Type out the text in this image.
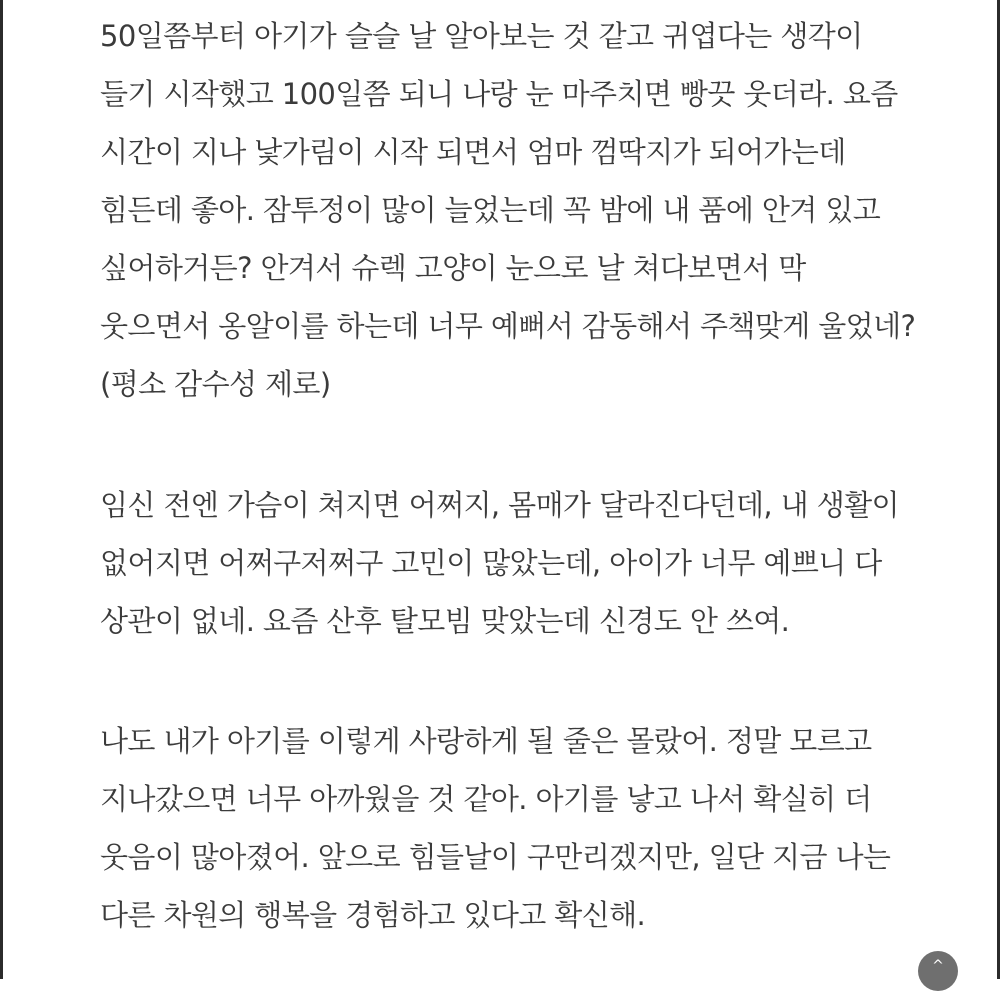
50일쯤부터 아기가 슬슬 날 알아보는 것 같고 귀엽다는 생각이
들기 시작했고 100일쯤 되니 나랑 눈 마주치면 빵끗 웃더라. 요즘
시간이 지나 낯가림이 시작 되면서 엄마 껌딱지가 되어가는데
힘든데 좋아. 잠투정이 많이 늘었는데 꼭 밤에 내 품에 안겨 있고
싶어하거든? 안겨서 슈렉 고양이 눈으로 날 쳐다보면서 막
웃으면서 옹알이를 하는데 너무 예뻐서 감동해서 주책맞게 울었네?
(평소 감수성 제로)
임신 전엔 가슴이 쳐지면 어쩌지, 몸매가 달라진다던데, 내 생활이
없어지면 어쩌구저쩌구 고민이 많았는데, 아이가 너무 예쁘니 다
상관이 없네. 요즘 산후 탈모빔 맞았는데 신경도 안 쓰여.
나도 내가 아기를 이렇게 사랑하게 될 줄은 몰랐어. 정말 모르고
지나갔으면 너무 아까웠을 것 같아. 아기를 낳고 나서 확실히 더
웃음이 많아졌어. 앞으로 힘들날이 구만리겠지만, 일단 지금 나는
다른 차원의 행복을 경험하고 있다고 확신해.
^
